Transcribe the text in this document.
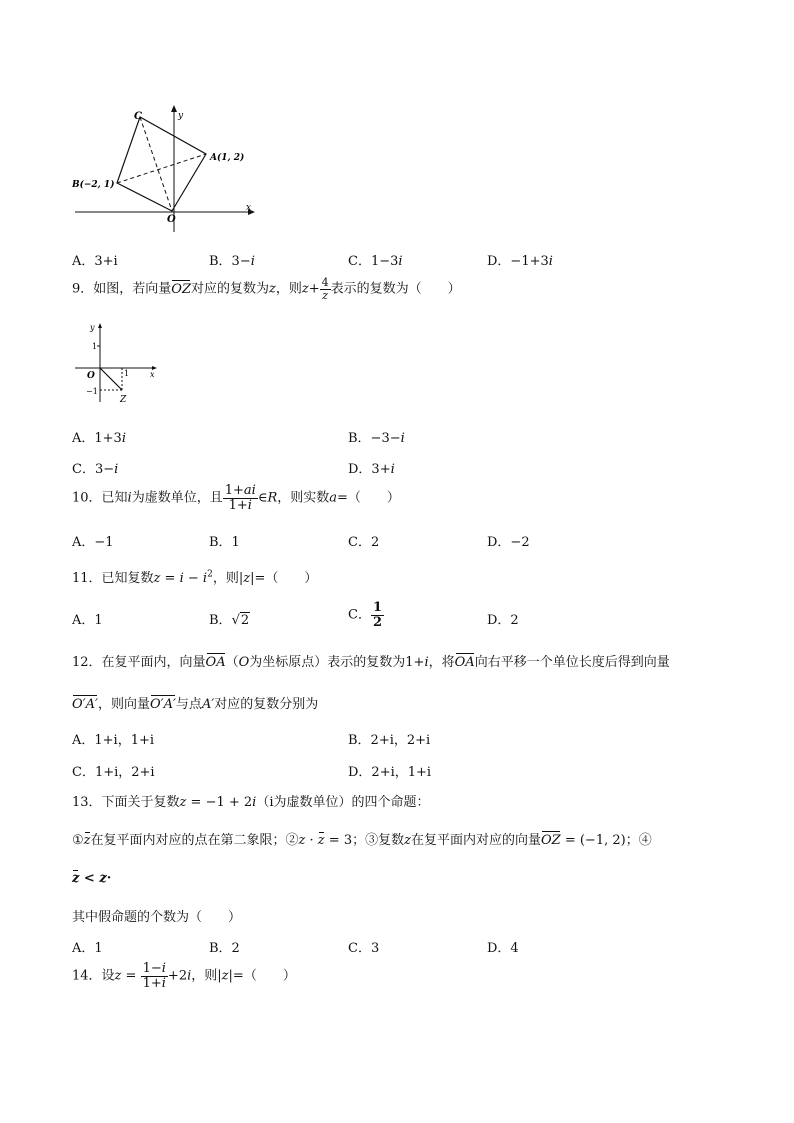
C
A(1, 2)
B(−2, 1)
O
x
y
A．3+i	B．3−i	C．1−3i	D．−1+3i
9．如图，若向量OZ对应的复数为z，则$z+ \frac{4}{z}$ 表示的复数为（　　）
y
1
O	1	x
−1
Z
A．1+3i	B．−3−i
C．3−i	D．3+i
10．已知i为虚数单位，且 $\frac{1+ai}{1+i}$ ∈R，则实数a=（　　）
A．−1	B．1	C．2	D．−2
11．已知复数$z = i - i^2$，则|z|=（　　）
A．1	B．√2	C． $\frac{1}{2}$	D．2
12．在复平面内，向量OA（O为坐标原点）表示的复数为1+i，将OA向右平移一个单位长度后得到向量
O′A′，则向量O′A′与点A′对应的复数分别为
A．1+i，1+i	B．2+i，2+i
C．1+i，2+i	D．2+i，1+i
13．下面关于复数z = −1 + 2i（i为虚数单位）的四个命题：
①z在复平面内对应的点在第二象限；②z · z = 3；③复数z在复平面内对应的向量OZ = (−1, 2)；④
z < z·
其中假命题的个数为（　　）
A．1	B．2	C．3	D．4
14．设$z = \frac{1-i}{1+i} +2i$，则|z|=（　　）
